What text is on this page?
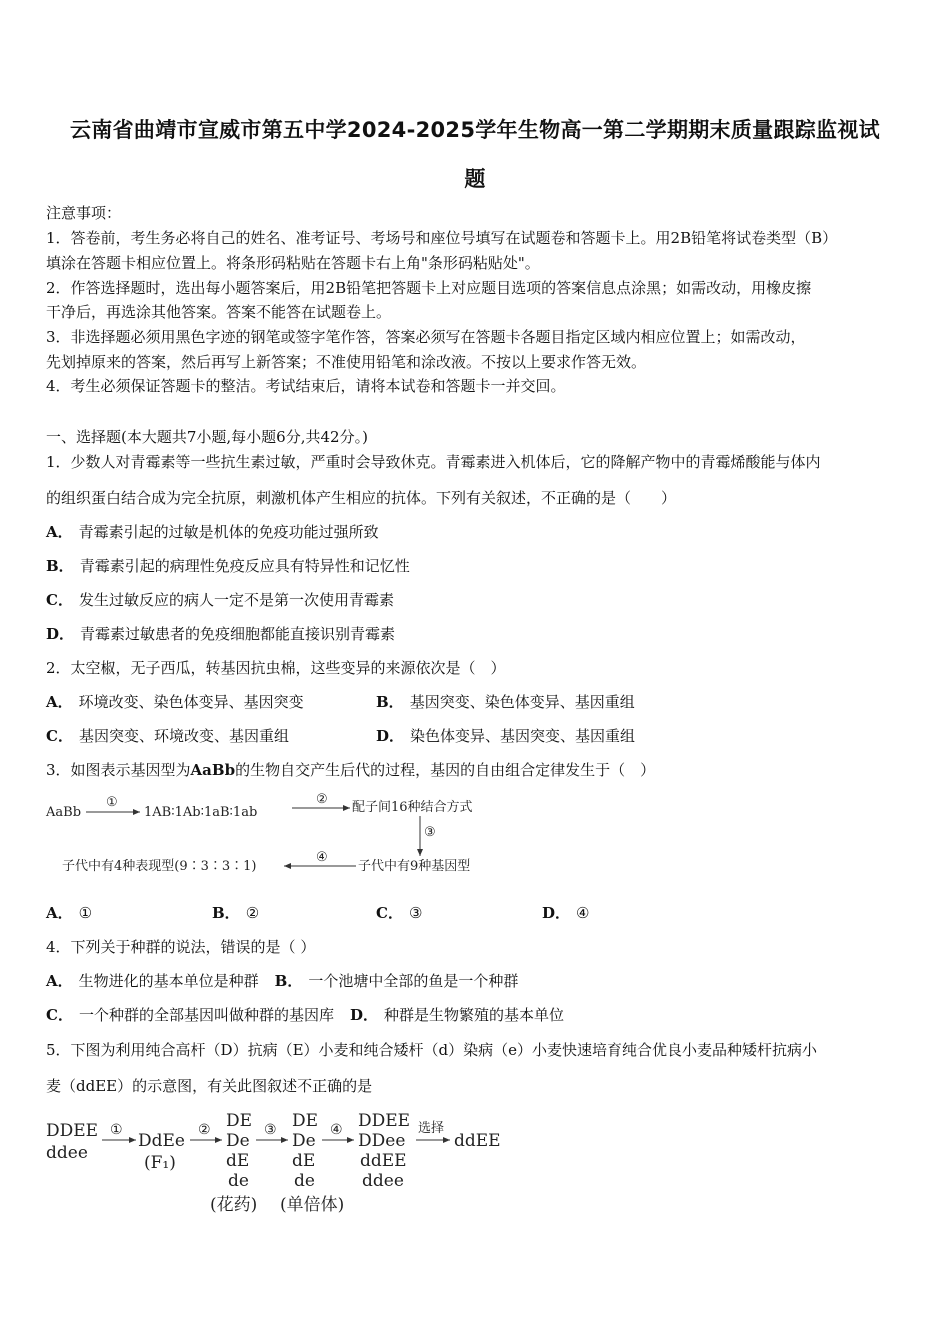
云南省曲靖市宣威市第五中学2024-2025学年生物高一第二学期期末质量跟踪监视试
题
注意事项：
1．答卷前，考生务必将自己的姓名、准考证号、考场号和座位号填写在试题卷和答题卡上。用2B铅笔将试卷类型（B）
填涂在答题卡相应位置上。将条形码粘贴在答题卡右上角"条形码粘贴处"。
2．作答选择题时，选出每小题答案后，用2B铅笔把答题卡上对应题目选项的答案信息点涂黑；如需改动，用橡皮擦
干净后，再选涂其他答案。答案不能答在试题卷上。
3．非选择题必须用黑色字迹的钢笔或签字笔作答，答案必须写在答题卡各题目指定区域内相应位置上；如需改动，
先划掉原来的答案，然后再写上新答案；不准使用铅笔和涂改液。不按以上要求作答无效。
4．考生必须保证答题卡的整洁。考试结束后，请将本试卷和答题卡一并交回。
一、选择题(本大题共7小题,每小题6分,共42分。)
1．少数人对青霉素等一些抗生素过敏，严重时会导致休克。青霉素进入机体后，它的降解产物中的青霉烯酸能与体内
的组织蛋白结合成为完全抗原，刺激机体产生相应的抗体。下列有关叙述，不正确的是（　　）
A． 青霉素引起的过敏是机体的免疫功能过强所致
B． 青霉素引起的病理性免疫反应具有特异性和记忆性
C． 发生过敏反应的病人一定不是第一次使用青霉素
D． 青霉素过敏患者的免疫细胞都能直接识别青霉素
2．太空椒，无子西瓜，转基因抗虫棉，这些变异的来源依次是（　）
A． 环境改变、染色体变异、基因突变	B． 基因突变、染色体变异、基因重组
C． 基因突变、环境改变、基因重组	D． 染色体变异、基因突变、基因重组
3．如图表示基因型为AaBb的生物自交产生后代的过程，基因的自由组合定律发生于（　）
AaBb
①
1AB∶1Ab∶1aB∶1ab
②
配子间16种结合方式
③
子代中有9种基因型
④
子代中有4种表现型(9∶3∶3∶1)
A． ①	B． ②	C． ③	D． ④
4．下列关于种群的说法，错误的是（ ）
A． 生物进化的基本单位是种群 B． 一个池塘中全部的鱼是一个种群
C． 一个种群的全部基因叫做种群的基因库 D． 种群是生物繁殖的基本单位
5．下图为利用纯合高杆（D）抗病（E）小麦和纯合矮杆（d）染病（e）小麦快速培育纯合优良小麦品种矮杆抗病小
麦（ddEE）的示意图，有关此图叙述不正确的是
DDEE
ddee
①
DdEe
(F₁)
② DE
De
dE
de
(花药)
③ DE
De
dE
de
(单倍体)
④ DDEE
DDee
ddEE
ddee
选择
ddEE
